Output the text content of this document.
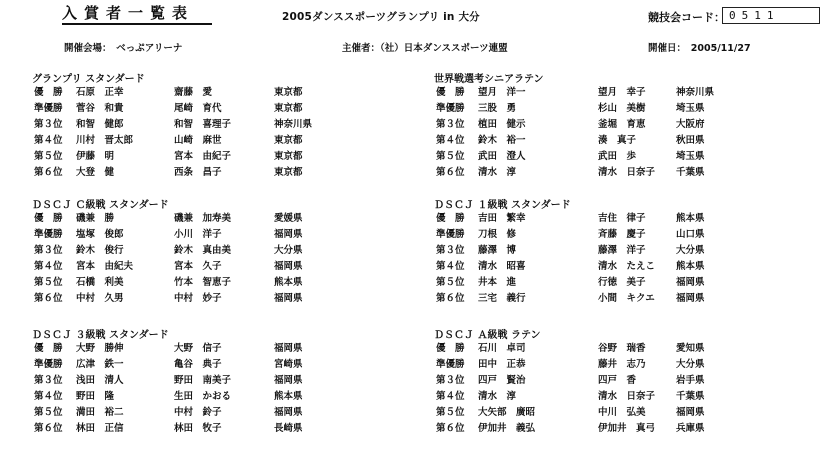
入賞者一覧表	2005ダンススポーツグランプリ in 大分	競技会コード： 0511
開催会場：　べっぷアリーナ	主催者：（社）日本ダンススポーツ連盟	開催日：　2005/11/27
グランプリ スタンダード
優　勝 石原　正幸	齋藤　愛	東京都
準優勝 菅谷　和貴	尾崎　育代	東京都
第３位 和智　健郎	和智　喜理子	神奈川県
第４位 川村　晋太郎	山崎　麻世	東京都
第５位 伊藤　明	宮本　由紀子	東京都
第６位 大登　健	西条　昌子	東京都
世界戦選考シニアラテン
優　勝 望月　洋一	望月　幸子	神奈川県
準優勝 三股　勇	杉山　美樹	埼玉県
第３位 植田　健示	釜堀　育恵	大阪府
第４位 鈴木　裕一	湊　真子	秋田県
第５位 武田　澄人	武田　歩	埼玉県
第６位 清水　淳	清水　日奈子 千葉県
ＤＳＣＪ Ｃ級戦 スタンダード
優　勝 磯兼　勝	磯兼　加寿美	愛媛県
準優勝 塩塚　俊郎	小川　洋子	福岡県
第３位 鈴木　俊行	鈴木　真由美	大分県
第４位 宮本　由紀夫	宮本　久子	福岡県
第５位 石橋　利美	竹本　智恵子	熊本県
第６位 中村　久男	中村　妙子	福岡県
ＤＳＣＪ １級戦 スタンダード
優　勝 吉田　繁幸	吉住　律子	熊本県
準優勝 刀根　修	斉藤　慶子	山口県
第３位 藤澤　博	藤澤　洋子	大分県
第４位 清水　昭喜	清水　たえこ 熊本県
第５位 井本　進	行徳　美子	福岡県
第６位 三宅　義行	小間　キクエ 福岡県
ＤＳＣＪ ３級戦 スタンダード
優　勝 大野　勝伸	大野　信子	福岡県
準優勝 広津　鉄一	亀谷　典子	宮崎県
第３位 浅田　清人	野田　南美子	福岡県
第４位 野田　隆	生田　かおる	熊本県
第５位 満田　裕二	中村　鈴子	福岡県
第６位 林田　正信	林田　牧子	長崎県
ＤＳＣＪ Ａ級戦 ラテン
優　勝 石川　卓司	谷野　瑞香	愛知県
準優勝 田中　正恭	藤井　志乃	大分県
第３位 四戸　賢治	四戸　香	岩手県
第４位 清水　淳	清水　日奈子 千葉県
第５位 大矢部　廣昭	中川　弘美	福岡県
第６位 伊加井　義弘	伊加井　真弓 兵庫県
